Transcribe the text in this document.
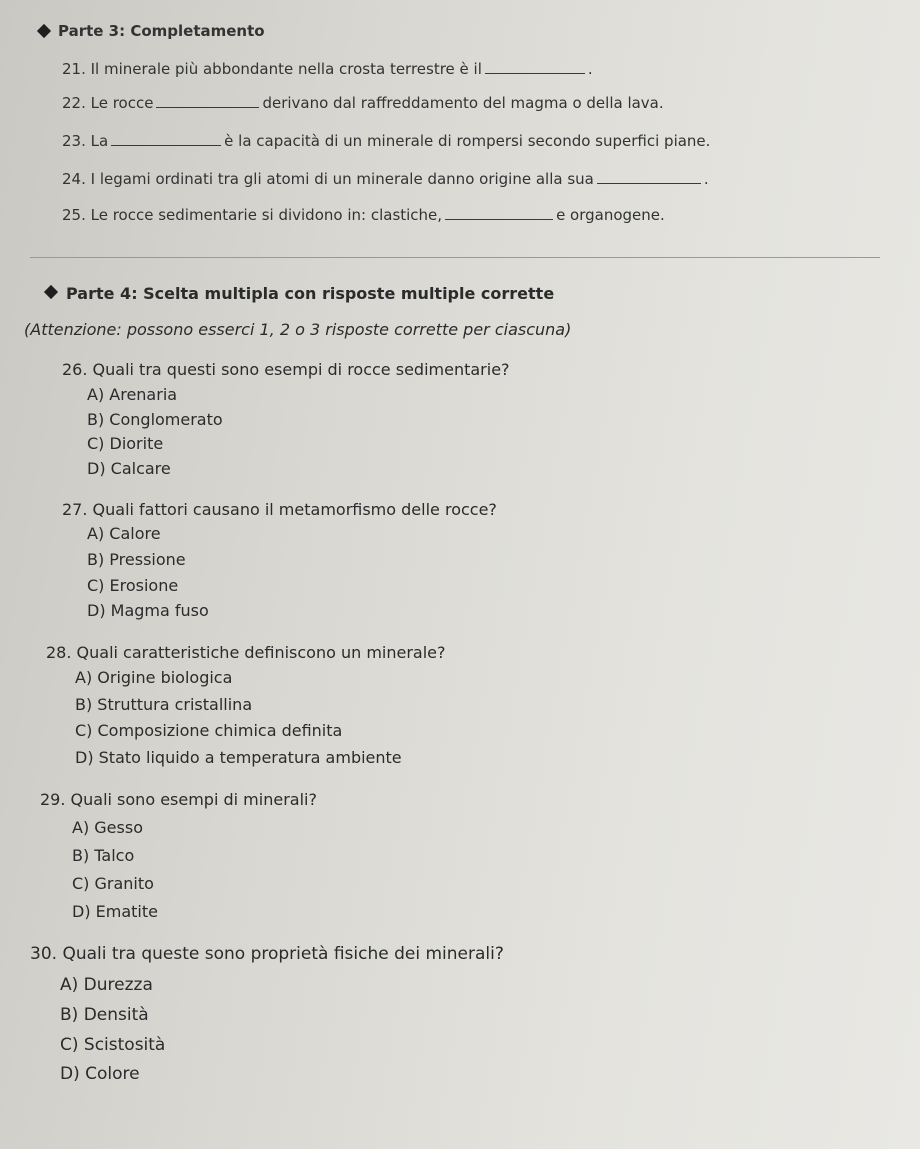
Parte 3: Completamento
21. Il minerale più abbondante nella crosta terrestre è il	.
22. Le rocce	derivano dal raffreddamento del magma o della lava.
23. La	è la capacità di un minerale di rompersi secondo superfici piane.
24. I legami ordinati tra gli atomi di un minerale danno origine alla sua	.
25. Le rocce sedimentarie si dividono in: clastiche,	e organogene.
Parte 4: Scelta multipla con risposte multiple corrette
(Attenzione: possono esserci 1, 2 o 3 risposte corrette per ciascuna)
26. Quali tra questi sono esempi di rocce sedimentarie?
A) Arenaria
B) Conglomerato
C) Diorite
D) Calcare
27. Quali fattori causano il metamorfismo delle rocce?
A) Calore
B) Pressione
C) Erosione
D) Magma fuso
28. Quali caratteristiche definiscono un minerale?
A) Origine biologica
B) Struttura cristallina
C) Composizione chimica definita
D) Stato liquido a temperatura ambiente
29. Quali sono esempi di minerali?
A) Gesso
B) Talco
C) Granito
D) Ematite
30. Quali tra queste sono proprietà fisiche dei minerali?
A) Durezza
B) Densità
C) Scistosità
D) Colore
